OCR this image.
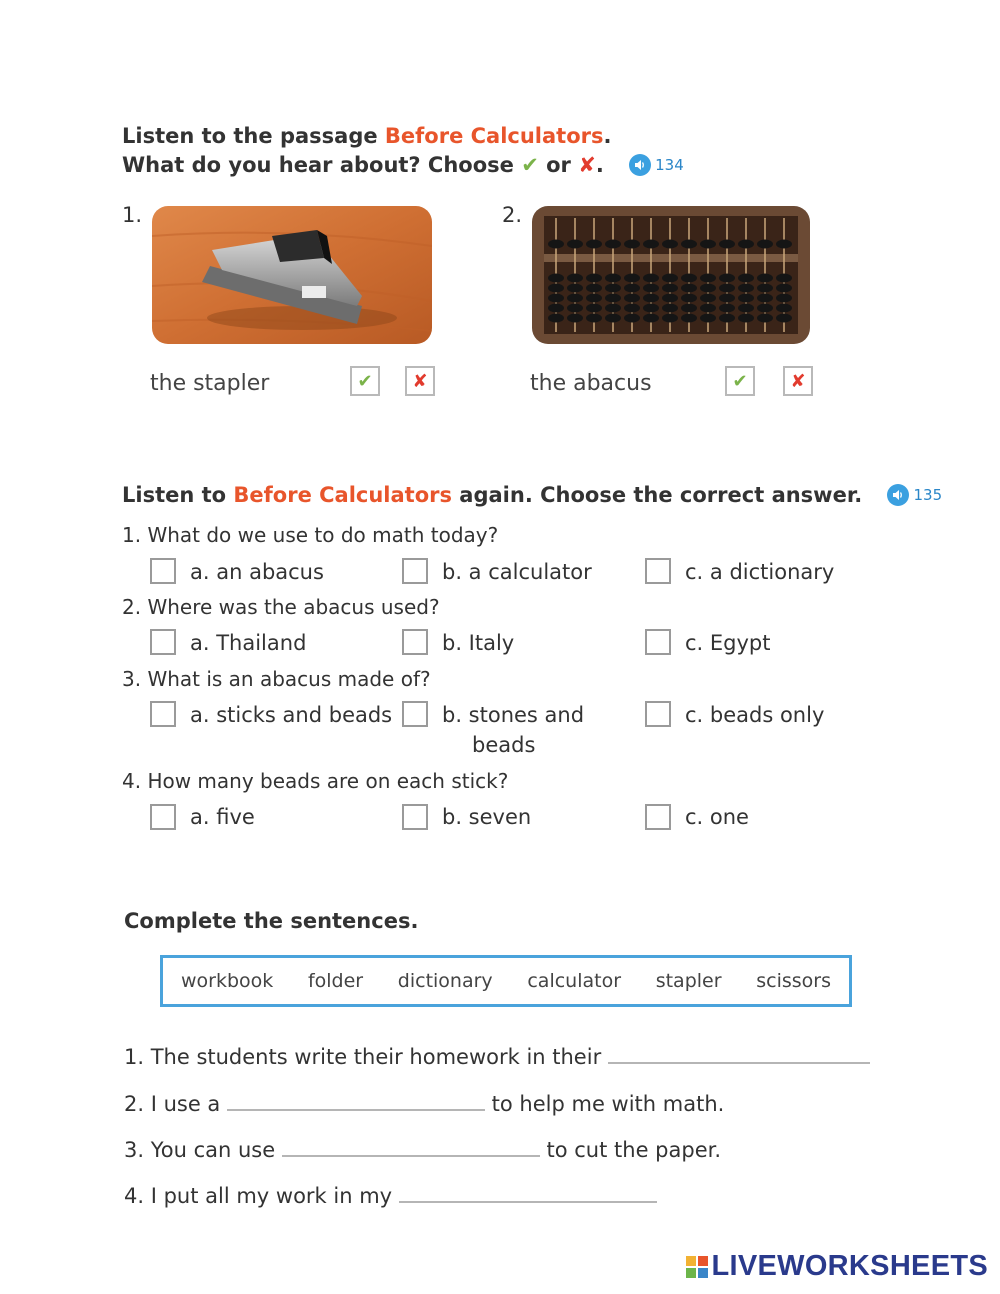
Listen to the passage Before Calculators.
What do you hear about? Choose ✔ or ✘.	134
1.
the stapler	✔ ✘
2.
the abacus	✔ ✘
Listen to Before Calculators again. Choose the correct answer.	135
1. What do we use to do math today?
a. an abacus	b. a calculator	c. a dictionary
2. Where was the abacus used?
a. Thailand	b. Italy	c. Egypt
3. What is an abacus made of?
a. sticks and beads b. stones and
beads
c. beads only
4. How many beads are on each stick?
a. five	b. seven	c. one
Complete the sentences.
workbook folder dictionary calculator stapler scissors
1. The students write their homework in their
2. I use a	to help me with math.
3. You can use	to cut the paper.
4. I put all my work in my
LIVEWORKSHEETS
